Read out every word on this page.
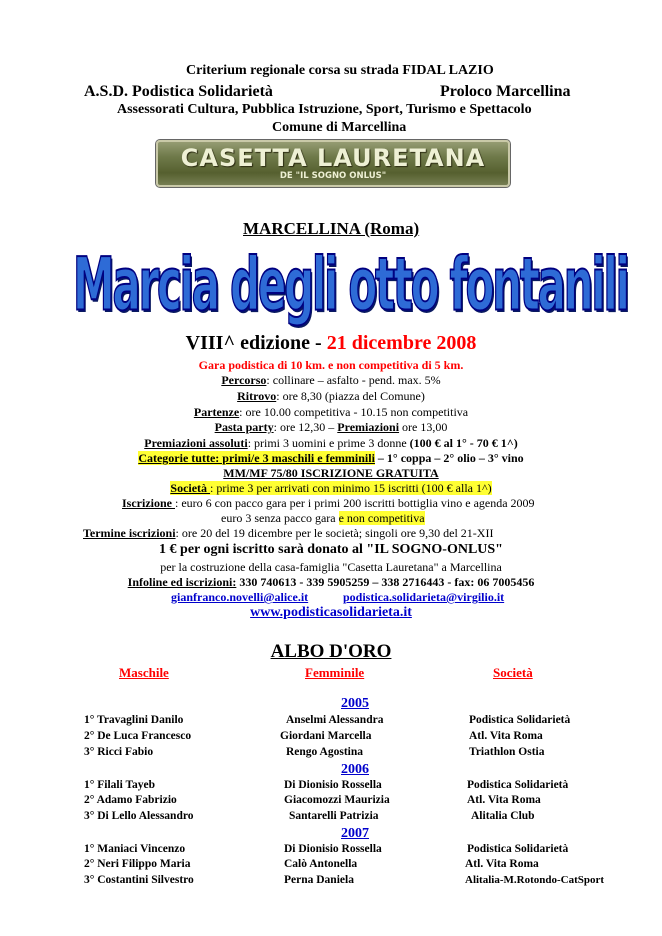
Criterium regionale corsa su strada FIDAL LAZIO
A.S.D. Podistica Solidarietà	Proloco Marcellina
Assessorati Cultura, Pubblica Istruzione, Sport, Turismo e Spettacolo
Comune di Marcellina
CASETTA LAURETANA
DE "IL SOGNO ONLUS"
MARCELLINA (Roma)
Marcia degli otto fontanili
VIII^ edizione - 21 dicembre 2008
Gara podistica di 10 km. e non competitiva di 5 km.
Percorso: collinare – asfalto - pend. max. 5%
Ritrovo: ore 8,30 (piazza del Comune)
Partenze: ore 10.00 competitiva - 10.15 non competitiva
Pasta party: ore 12,30 – Premiazioni ore 13,00
Premiazioni assoluti: primi 3 uomini e prime 3 donne (100 € al 1° - 70 € 1^)
Categorie tutte: primi/e 3 maschili e femminili – 1° coppa – 2° olio – 3° vino
MM/MF 75/80 ISCRIZIONE GRATUITA
Società : prime 3 per arrivati con minimo 15 iscritti (100 € alla 1^)
Iscrizione : euro 6 con pacco gara per i primi 200 iscritti bottiglia vino e agenda 2009
euro 3 senza pacco gara e non competitiva
Termine iscrizioni: ore 20 del 19 dicembre per le società; singoli ore 9,30 del 21-XII
1 € per ogni iscritto sarà donato al "IL SOGNO-ONLUS"
per la costruzione della casa-famiglia "Casetta Lauretana" a Marcellina
Infoline ed iscrizioni: 330 740613 - 339 5905259 – 338 2716443 - fax: 06 7005456
gianfranco.novelli@alice.it	podistica.solidarieta@virgilio.it
www.podisticasolidarieta.it
ALBO D'ORO
Maschile	Femminile	Società
2005
1° Travaglini Danilo	Anselmi Alessandra	Podistica Solidarietà
2° De Luca Francesco	Giordani Marcella	Atl. Vita Roma
3° Ricci Fabio	Rengo Agostina	Triathlon Ostia
2006
1° Filali Tayeb	Di Dionisio Rossella	Podistica Solidarietà
2° Adamo Fabrizio	Giacomozzi Maurizia	Atl. Vita Roma
3° Di Lello Alessandro	Santarelli Patrizia	Alitalia Club
2007
1° Maniaci Vincenzo	Di Dionisio Rossella	Podistica Solidarietà
2° Neri Filippo Maria	Calò Antonella	Atl. Vita Roma
3° Costantini Silvestro	Perna Daniela	Alitalia-M.Rotondo-CatSport
